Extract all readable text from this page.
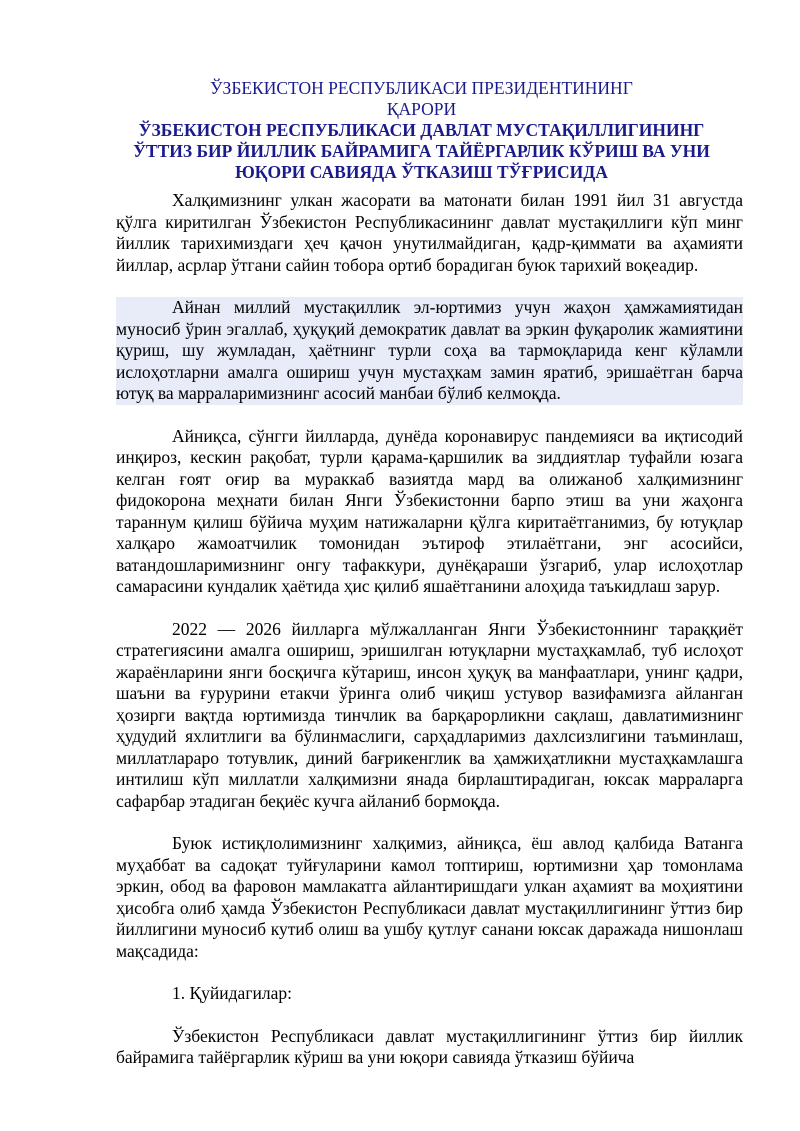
ЎЗБЕКИСТОН РЕСПУБЛИКАСИ ПРЕЗИДЕНТИНИНГ
ҚАРОРИ
ЎЗБЕКИСТОН РЕСПУБЛИКАСИ ДАВЛАТ МУСТАҚИЛЛИГИНИНГ
ЎТТИЗ БИР ЙИЛЛИК БАЙРАМИГА ТАЙЁРГАРЛИК КЎРИШ ВА УНИ
ЮҚОРИ САВИЯДА ЎТКАЗИШ ТЎҒРИСИДА

Халқимизнинг улкан жасорати ва матонати билан 1991 йил 31 августда қўлга киритилган Ўзбекистон Республикасининг давлат мустақиллиги кўп минг йиллик тарихимиздаги ҳеч қачон унутилмайдиган, қадр-қиммати ва аҳамияти йиллар, асрлар ўтгани сайин тобора ортиб борадиган буюк тарихий воқеадир.

Айнан миллий мустақиллик эл-юртимиз учун жаҳон ҳамжамиятидан муносиб ўрин эгаллаб, ҳуқуқий демократик давлат ва эркин фуқаролик жамиятини қуриш, шу жумладан, ҳаётнинг турли соҳа ва тармоқларида кенг кўламли ислоҳотларни амалга ошириш учун мустаҳкам замин яратиб, эришаётган барча ютуқ ва марраларимизнинг асосий манбаи бўлиб келмоқда.

Айниқса, сўнгги йилларда, дунёда коронавирус пандемияси ва иқтисодий инқироз, кескин рақобат, турли қарама-қаршилик ва зиддиятлар туфайли юзага келган ғоят оғир ва мураккаб вазиятда мард ва олижаноб халқимизнинг фидокорона меҳнати билан Янги Ўзбекистонни барпо этиш ва уни жаҳонга тараннум қилиш бўйича муҳим натижаларни қўлга киритаётганимиз, бу ютуқлар халқаро жамоатчилик томонидан эътироф этилаётгани, энг асосийси, ватандошларимизнинг онгу тафаккури, дунёқараши ўзгариб, улар ислоҳотлар самарасини кундалик ҳаётида ҳис қилиб яшаётганини алоҳида таъкидлаш зарур.

2022 — 2026 йилларга мўлжалланган Янги Ўзбекистоннинг тараққиёт стратегиясини амалга ошириш, эришилган ютуқларни мустаҳкамлаб, туб ислоҳот жараёнларини янги босқичга кўтариш, инсон ҳуқуқ ва манфаатлари, унинг қадри, шаъни ва ғурурини етакчи ўринга олиб чиқиш устувор вазифамизга айланган ҳозирги вақтда юртимизда тинчлик ва барқарорликни сақлаш, давлатимизнинг ҳудудий яхлитлиги ва бўлинмаслиги, сарҳадларимиз дахлсизлигини таъминлаш, миллатлараро тотувлик, диний бағрикенглик ва ҳамжиҳатликни мустаҳкамлашга интилиш кўп миллатли халқимизни янада бирлаштирадиган, юксак марраларга сафарбар этадиган беқиёс кучга айланиб бормоқда.

Буюк истиқлолимизнинг халқимиз, айниқса, ёш авлод қалбида Ватанга муҳаббат ва садоқат туйғуларини камол топтириш, юртимизни ҳар томонлама эркин, обод ва фаровон мамлакатга айлантиришдаги улкан аҳамият ва моҳиятини ҳисобга олиб ҳамда Ўзбекистон Республикаси давлат мустақиллигининг ўттиз бир йиллигини муносиб кутиб олиш ва ушбу қутлуғ санани юксак даражада нишонлаш мақсадида:

1. Қуйидагилар:

Ўзбекистон Республикаси давлат мустақиллигининг ўттиз бир йиллик байрамига тайёргарлик кўриш ва уни юқори савияда ўтказиш бўйича
